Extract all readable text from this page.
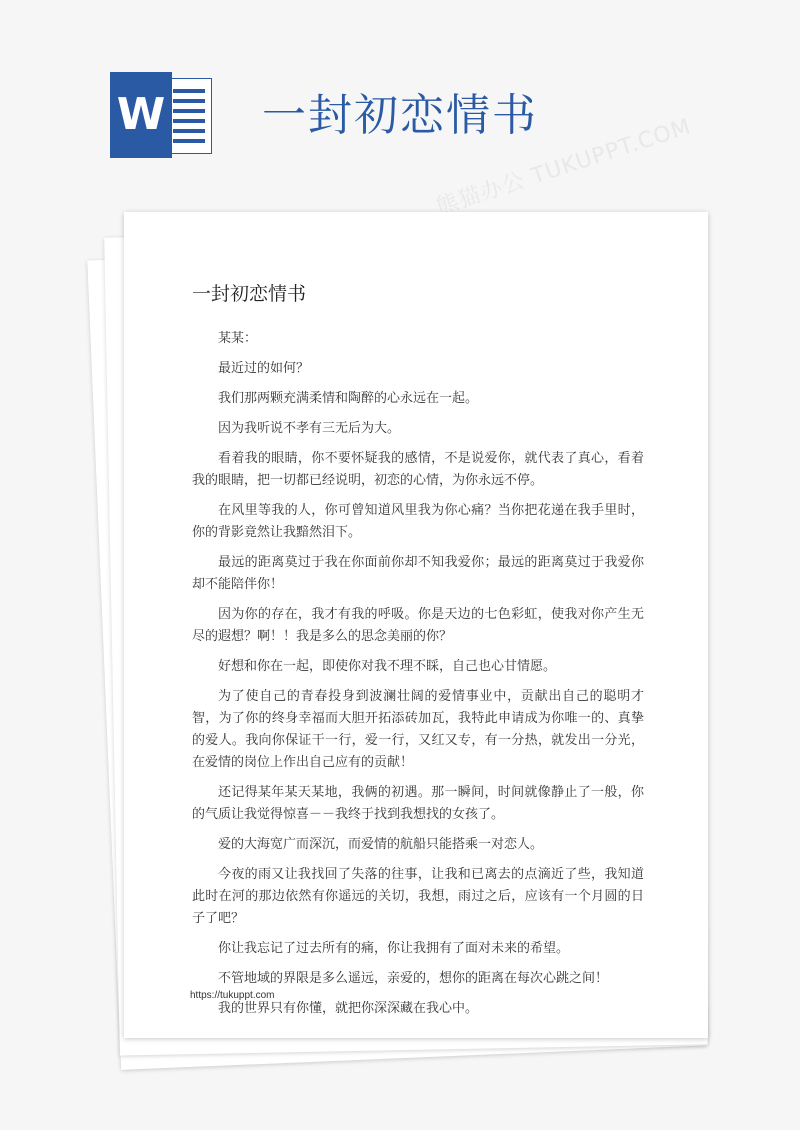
W 一封初恋情书
熊猫办公 TUKUPPT.COM
一封初恋情书

某某：

最近过的如何？

我们那两颗充满柔情和陶醉的心永远在一起。

因为我听说不孝有三无后为大。

看着我的眼睛，你不要怀疑我的感情，不是说爱你，就代表了真心，看着我的眼睛，把一切都已经说明，初恋的心情，为你永远不停。

在风里等我的人，你可曾知道风里我为你心痛？当你把花递在我手里时，你的背影竟然让我黯然泪下。

最远的距离莫过于我在你面前你却不知我爱你；最远的距离莫过于我爱你却不能陪伴你！

因为你的存在，我才有我的呼吸。你是天边的七色彩虹，使我对你产生无尽的遐想？啊！！我是多么的思念美丽的你？

好想和你在一起，即使你对我不理不睬，自己也心甘情愿。

为了使自己的青春投身到波澜壮阔的爱情事业中，贡献出自己的聪明才智，为了你的终身幸福而大胆开拓添砖加瓦，我特此申请成为你唯一的、真挚的爱人。我向你保证干一行，爱一行，又红又专，有一分热，就发出一分光，在爱情的岗位上作出自己应有的贡献！

还记得某年某天某地，我俩的初遇。那一瞬间，时间就像静止了一般，你的气质让我觉得惊喜－－我终于找到我想找的女孩了。

爱的大海宽广而深沉，而爱情的航船只能搭乘一对恋人。

今夜的雨又让我找回了失落的往事，让我和已离去的点滴近了些，我知道此时在河的那边依然有你遥远的关切，我想，雨过之后，应该有一个月圆的日子了吧？

你让我忘记了过去所有的痛，你让我拥有了面对未来的希望。

不管地域的界限是多么遥远，亲爱的，想你的距离在每次心跳之间！

我的世界只有你懂，就把你深深藏在我心中。

https://tukuppt.com
